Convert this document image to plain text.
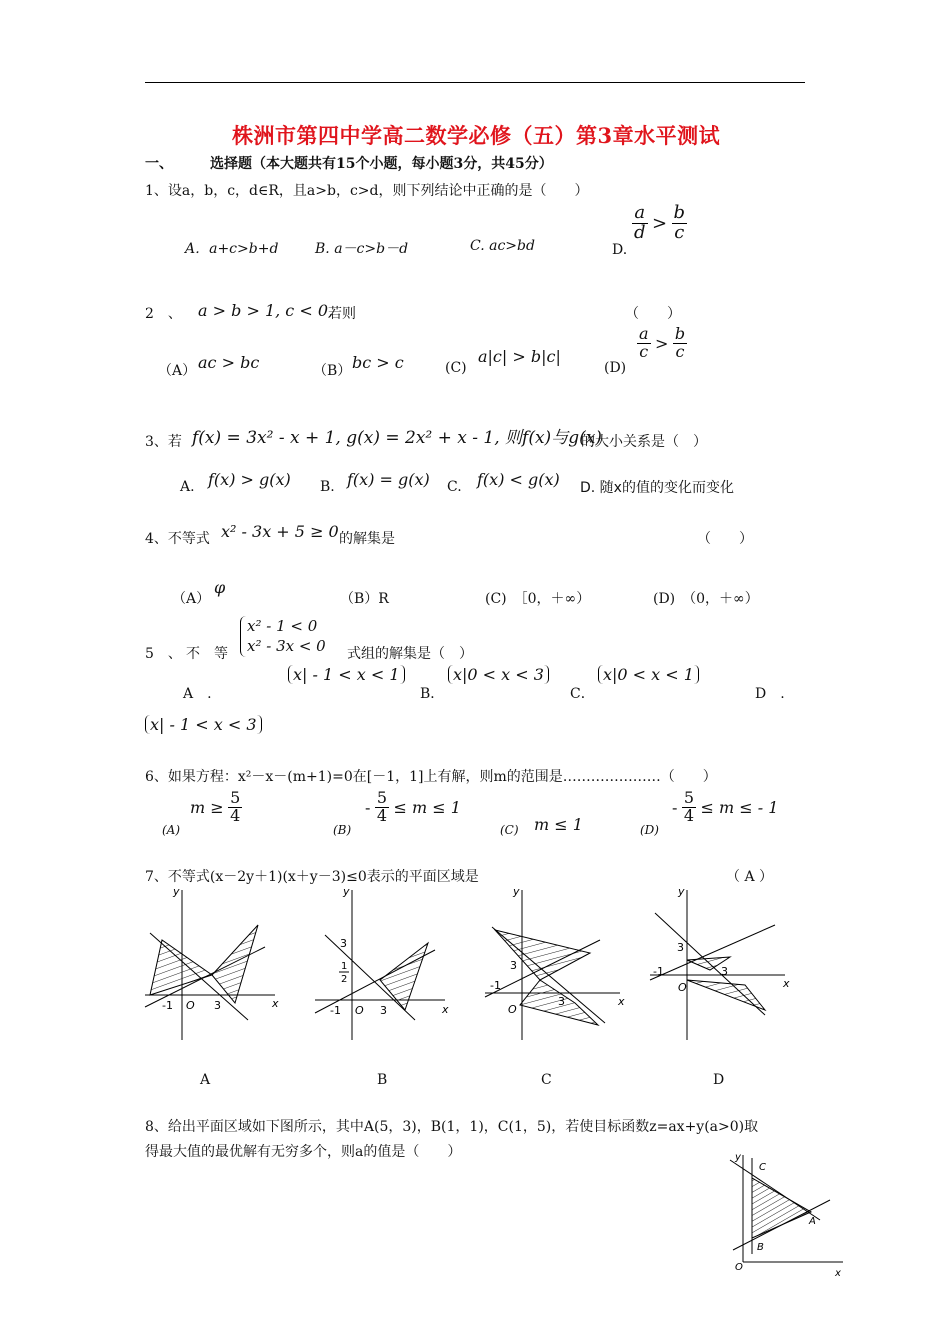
株洲市第四中学高二数学必修（五）第3章水平测试
一、	选择题（本大题共有15个小题，每小题3分，共45分）
1、设a，b，c，d∈R，且a>b，c>d，则下列结论中正确的是（　　）
A．a+c>b+d	B. a－c>b－d	C. ac>bd	D.
$\frac{a}{d} > \frac{b}{c}$
2　、 a > b > 1, c < 0,
若则	（　　）
（A） ac > bc	（B） bc > c	(C)
a|c| > b|c|
(D)
$\frac{a}{c} > \frac{b}{c}$
3、若 f(x) = 3x² - x + 1, g(x) = 2x² + x - 1, 则f(x)与g(x)
的大小关系是（　）
A. f(x) > g(x) B. f(x) = g(x) C. f(x) < g(x) D. 随x的值的变化而变化
4、不等式 x² - 3x + 5 ≥ 0 的解集是	（　　）
（A）
φ
（B）R	(C)　［0，＋∞）	(D)　（0，＋∞）
5　、 不　等
x² - 1 < 0
x² - 3x < 0 式组的解集是（　）
A　.
x| - 1 < x < 1
B．
x|0 < x < 3
C．
x|0 < x < 1
D　.
x| - 1 < x < 3
6、如果方程：x²－x－(m+1)=0在[－1，1]上有解，则m的范围是…………………（　　）
(A)
$m \ge \frac{5}{4}$
(B)
- $\frac{5}{4} \le m \le 1$
(C) m ≤ 1	(D)
- $\frac{5}{4} \le m$ ≤ - 1
7、不等式(x－2y＋1)(x＋y－3)≤0表示的平面区域是	（ A ）
y
x
-1 O 3
y
x
3
1
2
-1 O 3
y
x
3
-1
O
3
y
x
3
-1
O
3
A	B	C	D
8、给出平面区域如下图所示，其中A(5，3)，B(1，1)，C(1，5)，若使目标函数z=ax+y(a>0)取
得最大值的最优解有无穷多个，则a的值是（　　）	y
x
O
C
B
A
